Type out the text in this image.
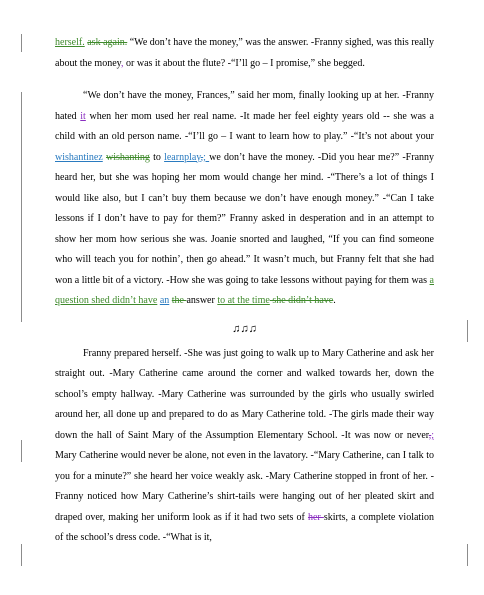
herself. ask again. “We don’t have the money,” was the answer. -Franny sighed, was this really about the money, or was it about the flute? -“I’ll go – I promise,” she begged.

“We don’t have the money, Frances,” said her mom, finally looking up at her. -Franny hated it when her mom used her real name. -It made her feel eighty years old -- she was a child with an old person name. -“I’ll go – I want to learn how to play.” -“It’s not about your wishantinez wishanting to learnplay,; we don’t have the money. -Did you hear me?” -Franny heard her, but she was hoping her mom would change her mind. -“There’s a lot of things I would like also, but I can’t buy them because we don’t have enough money.” -“Can I take lessons if I don’t have to pay for them?” Franny asked in desperation and in an attempt to show her mom how serious she was. Joanie snorted and laughed, “If you can find someone who will teach you for nothin’, then go ahead.” It wasn’t much, but Franny felt that she had won a little bit of a victory. -How she was going to take lessons without paying for them was a question shed didn’t have an the answer to at the time she didn’t have.

♫♫♫

Franny prepared herself. -She was just going to walk up to Mary Catherine and ask her straight out. -Mary Catherine came around the corner and walked towards her, down the school’s empty hallway. -Mary Catherine was surrounded by the girls who usually swirled around her, all done up and prepared to do as Mary Catherine told. -The girls made their way down the hall of Saint Mary of the Assumption Elementary School. -It was now or never,; Mary Catherine would never be alone, not even in the lavatory. -“Mary Catherine, can I talk to you for a minute?” she heard her voice weakly ask. -Mary Catherine stopped in front of her. -Franny noticed how Mary Catherine’s shirt-tails were hanging out of her pleated skirt and draped over, making her uniform look as if it had two sets of her skirts, a complete violation of the school’s dress code. -“What is it,
